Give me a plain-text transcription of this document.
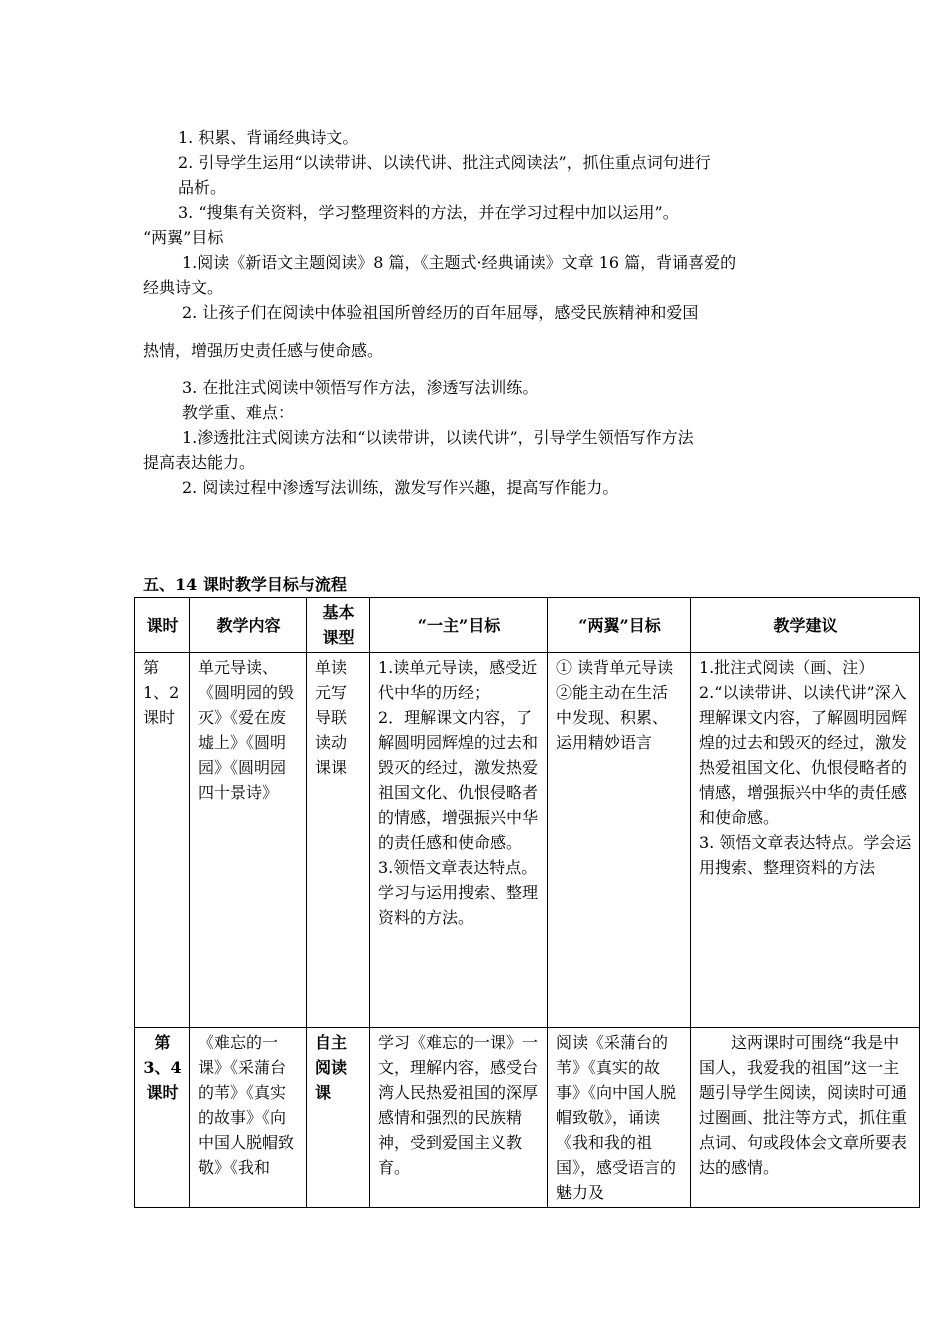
1. 积累、背诵经典诗文。
2. 引导学生运用“以读带讲、以读代讲、批注式阅读法”，抓住重点词句进行
品析。
3. “搜集有关资料，学习整理资料的方法，并在学习过程中加以运用”。
“两翼”目标
1.阅读《新语文主题阅读》8 篇，《主题式·经典诵读》文章 16 篇，背诵喜爱的
经典诗文。
2. 让孩子们在阅读中体验祖国所曾经历的百年屈辱，感受民族精神和爱国
热情，增强历史责任感与使命感。
3. 在批注式阅读中领悟写作方法，渗透写法训练。
教学重、难点：
1.渗透批注式阅读方法和“以读带讲，以读代讲”，引导学生领悟写作方法
提高表达能力。
2. 阅读过程中渗透写法训练，激发写作兴趣，提高写作能力。
五、14 课时教学目标与流程
课时	教学内容	基本课型	“一主”目标	“两翼”目标	教学建议
第 1、2 课时	单元导读、《圆明园的毁灭》《爱在废墟上》《圆明园》《圆明园四十景诗》	单读元写导联读动课课	1.读单元导读，感受近代中华的历经；
2．理解课文内容，了解圆明园辉煌的过去和毁灭的经过，激发热爱祖国文化、仇恨侵略者的情感，增强振兴中华的责任感和使命感。
3.领悟文章表达特点。学习与运用搜索、整理资料的方法。	① 读背单元导读②能主动在生活中发现、积累、运用精妙语言	1.批注式阅读（画、注）
2.“以读带讲、以读代讲”深入理解课文内容，了解圆明园辉煌的过去和毁灭的经过，激发热爱祖国文化、仇恨侵略者的情感，增强振兴中华的责任感和使命感。
3. 领悟文章表达特点。学会运用搜索、整理资料的方法
第 3、4 课时	《难忘的一课》《采蒲台的苇》《真实的故事》《向中国人脱帽致敬》《我和	自主阅读课	学习《难忘的一课》一文，理解内容，感受台湾人民热爱祖国的深厚感情和强烈的民族精神，受到爱国主义教育。	阅读《采蒲台的苇》《真实的故事》《向中国人脱帽致敬》，诵读《我和我的祖国》，感受语言的魅力及	这两课时可围绕“我是中国人，我爱我的祖国”这一主题引导学生阅读，阅读时可通过圈画、批注等方式，抓住重点词、句或段体会文章所要表达的感情。
